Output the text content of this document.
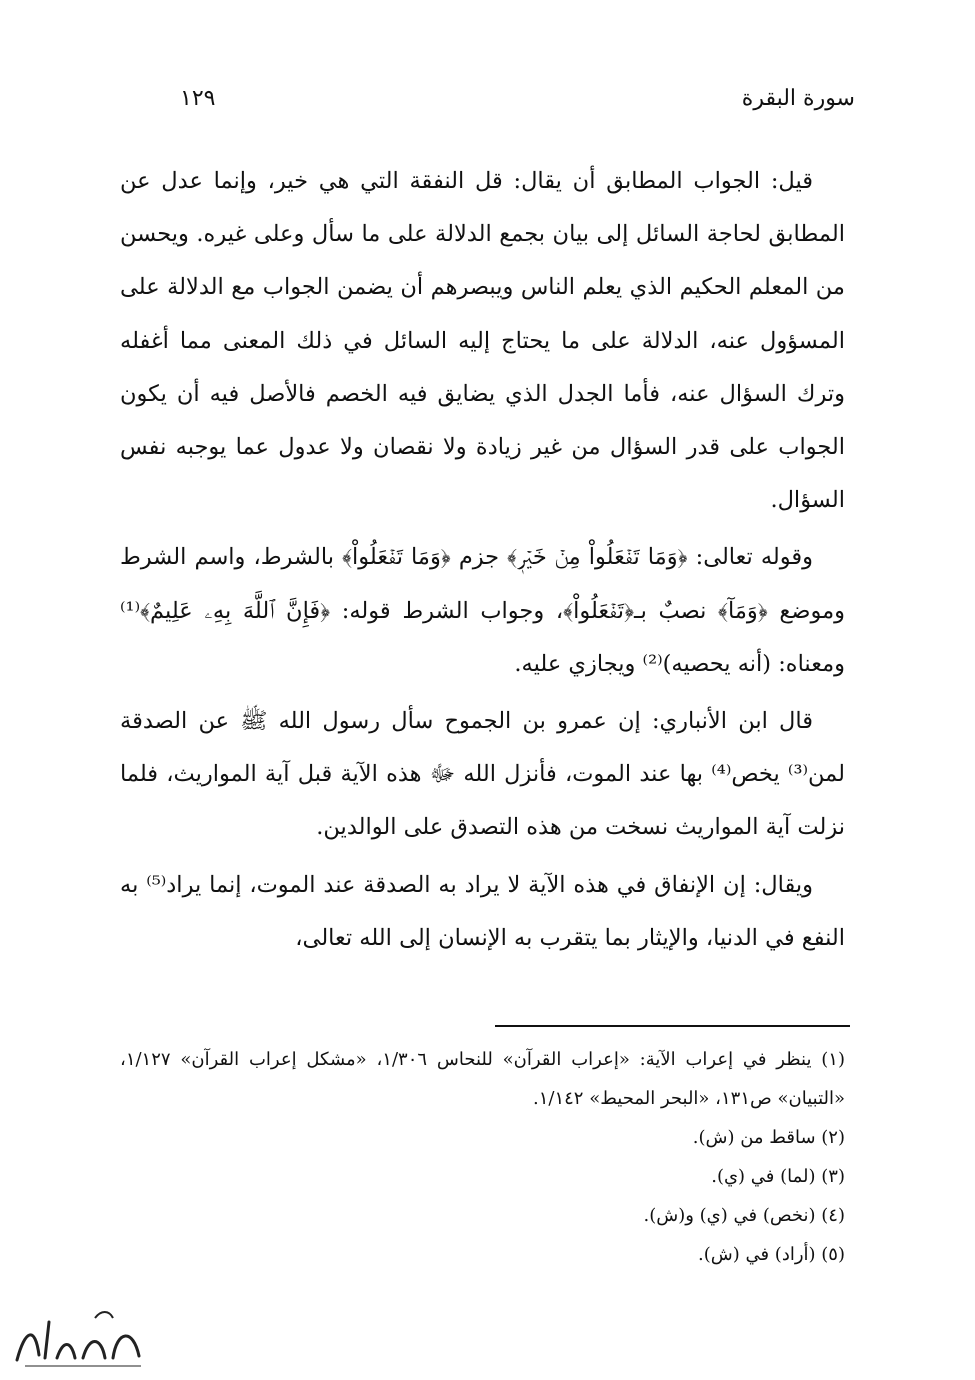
سورة البقرة
١٢٩

قيل: الجواب المطابق أن يقال: قل النفقة التي هي خير، وإنما عدل عن المطابق لحاجة السائل إلى بيان بجمع الدلالة على ما سأل وعلى غيره. ويحسن من المعلم الحكيم الذي يعلم الناس ويبصرهم أن يضمن الجواب مع الدلالة على المسؤول عنه، الدلالة على ما يحتاج إليه السائل في ذلك المعنى مما أغفله وترك السؤال عنه، فأما الجدل الذي يضايق فيه الخصم فالأصل فيه أن يكون الجواب على قدر السؤال من غير زيادة ولا نقصان ولا عدول عما يوجبه نفس السؤال.

وقوله تعالى: ﴿وَمَا تَفۡعَلُواْ مِنۡ خَيۡرٖ﴾ جزم ﴿وَمَا تَفۡعَلُواْ﴾ بالشرط، واسم الشرط وموضع ﴿وَمَآ﴾ نصبٌ بـ﴿تَفۡعَلُواْ﴾، وجواب الشرط قوله: ﴿فَإِنَّ ٱللَّهَ بِهِۦ عَلِيمٌ﴾⁽¹⁾ ومعناه: (أنه يحصيه)⁽²⁾ ويجازي عليه.

قال ابن الأنباري: إن عمرو بن الجموح سأل رسول الله ﷺ عن الصدقة لمن⁽³⁾ يخص⁽⁴⁾ بها عند الموت، فأنزل الله ﷻ هذه الآية قبل آية المواريث، فلما نزلت آية المواريث نسخت من هذه التصدق على الوالدين.

ويقال: إن الإنفاق في هذه الآية لا يراد به الصدقة عند الموت، إنما يراد⁽⁵⁾ به النفع في الدنيا، والإيثار بما يتقرب به الإنسان إلى الله تعالى،

(١) ينظر في إعراب الآية: «إعراب القرآن» للنحاس ١/٣٠٦، «مشكل إعراب القرآن» ١/١٢٧، «التبيان» ص١٣١، «البحر المحيط» ١/١٤٢.

(٢) ساقط من (ش).

(٣) (لما) في (ي).

(٤) (نخص) في (ي) و(ش).

(٥) (أراد) في (ش).
